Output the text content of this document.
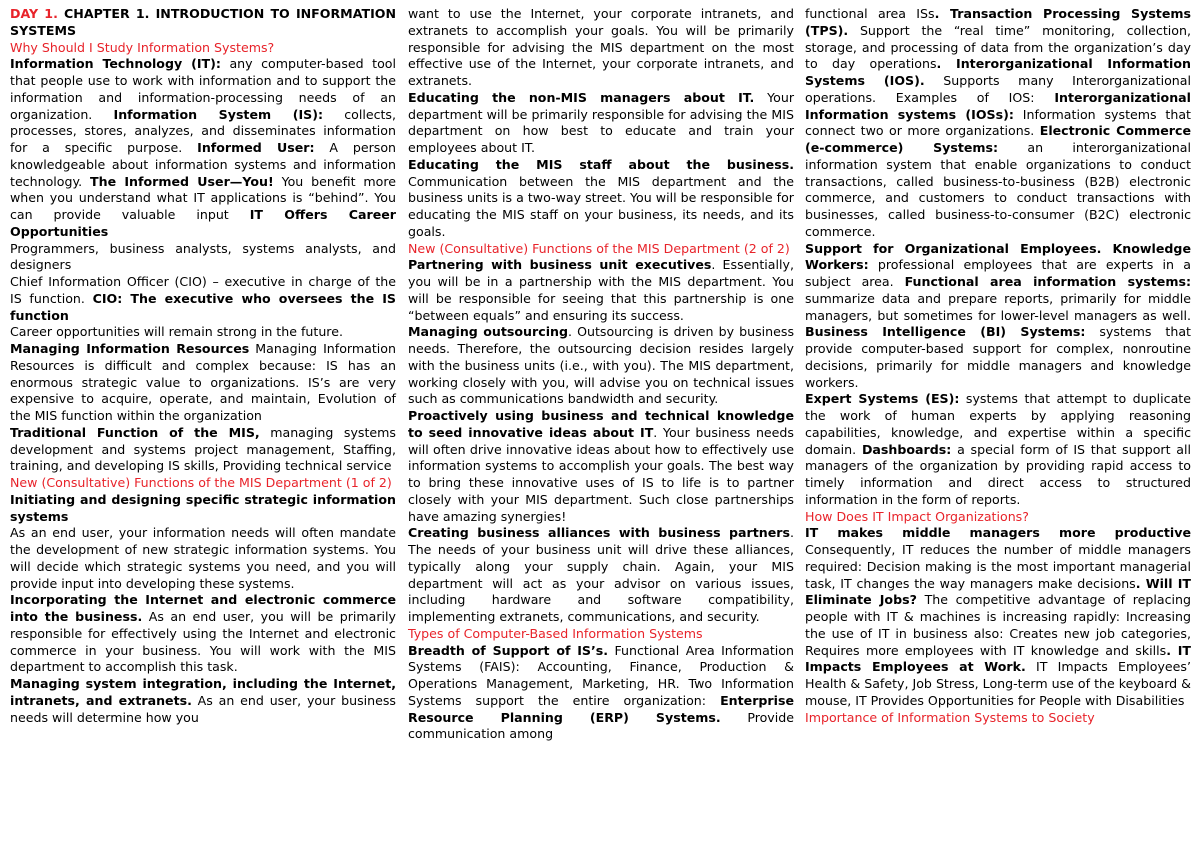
DAY 1. CHAPTER 1. INTRODUCTION TO INFORMATION SYSTEMS

Why Should I Study Information Systems?

Information Technology (IT): any computer-based tool that people use to work with information and to support the information and information-processing needs of an organization. Information System (IS): collects, processes, stores, analyzes, and disseminates information for a specific purpose. Informed User: A person knowledgeable about information systems and information technology. The Informed User—You! You benefit more when you understand what IT applications is “behind”. You can provide valuable input IT Offers Career Opportunities

Programmers, business analysts, systems analysts, and designers

Chief Information Officer (CIO) – executive in charge of the IS function. CIO: The executive who oversees the IS function

Career opportunities will remain strong in the future.

Managing Information Resources Managing Information Resources is difficult and complex because: IS has an enormous strategic value to organizations. IS’s are very expensive to acquire, operate, and maintain, Evolution of the MIS function within the organization

Traditional Function of the MIS, managing systems development and systems project management, Staffing, training, and developing IS skills, Providing technical service

New (Consultative) Functions of the MIS Department (1 of 2)

Initiating and designing specific strategic information systems

As an end user, your information needs will often mandate the development of new strategic information systems. You will decide which strategic systems you need, and you will provide input into developing these systems.

Incorporating the Internet and electronic commerce into the business. As an end user, you will be primarily responsible for effectively using the Internet and electronic commerce in your business. You will work with the MIS department to accomplish this task.

Managing system integration, including the Internet, intranets, and extranets. As an end user, your business needs will determine how you

want to use the Internet, your corporate intranets, and extranets to accomplish your goals. You will be primarily responsible for advising the MIS department on the most effective use of the Internet, your corporate intranets, and extranets.

Educating the non-MIS managers about IT. Your department will be primarily responsible for advising the MIS department on how best to educate and train your employees about IT.

Educating the MIS staff about the business. Communication between the MIS department and the business units is a two-way street. You will be responsible for educating the MIS staff on your business, its needs, and its goals.

New (Consultative) Functions of the MIS Department (2 of 2)

Partnering with business unit executives. Essentially, you will be in a partnership with the MIS department. You will be responsible for seeing that this partnership is one “between equals” and ensuring its success.

Managing outsourcing. Outsourcing is driven by business needs. Therefore, the outsourcing decision resides largely with the business units (i.e., with you). The MIS department, working closely with you, will advise you on technical issues such as communications bandwidth and security.

Proactively using business and technical knowledge to seed innovative ideas about IT. Your business needs will often drive innovative ideas about how to effectively use information systems to accomplish your goals. The best way to bring these innovative uses of IS to life is to partner closely with your MIS department. Such close partnerships have amazing synergies!

Creating business alliances with business partners. The needs of your business unit will drive these alliances, typically along your supply chain. Again, your MIS department will act as your advisor on various issues, including hardware and software compatibility, implementing extranets, communications, and security.

Types of Computer-Based Information Systems

Breadth of Support of IS’s. Functional Area Information Systems (FAIS): Accounting, Finance, Production & Operations Management, Marketing, HR. Two Information Systems support the entire organization: Enterprise Resource Planning (ERP) Systems. Provide communication among

functional area ISs. Transaction Processing Systems (TPS). Support the “real time” monitoring, collection, storage, and processing of data from the organization’s day to day operations. Interorganizational Information Systems (IOS). Supports many Interorganizational operations. Examples of IOS: Interorganizational Information systems (IOSs): Information systems that connect two or more organizations. Electronic Commerce (e-commerce) Systems: an interorganizational information system that enable organizations to conduct transactions, called business-to-business (B2B) electronic commerce, and customers to conduct transactions with businesses, called business-to-consumer (B2C) electronic commerce.

Support for Organizational Employees. Knowledge Workers: professional employees that are experts in a subject area. Functional area information systems: summarize data and prepare reports, primarily for middle managers, but sometimes for lower-level managers as well. Business Intelligence (BI) Systems: systems that provide computer-based support for complex, nonroutine decisions, primarily for middle managers and knowledge workers.

Expert Systems (ES): systems that attempt to duplicate the work of human experts by applying reasoning capabilities, knowledge, and expertise within a specific domain. Dashboards: a special form of IS that support all managers of the organization by providing rapid access to timely information and direct access to structured information in the form of reports.

How Does IT Impact Organizations?

IT makes middle managers more productive Consequently, IT reduces the number of middle managers required: Decision making is the most important managerial task, IT changes the way managers make decisions. Will IT Eliminate Jobs? The competitive advantage of replacing people with IT & machines is increasing rapidly: Increasing the use of IT in business also: Creates new job categories, Requires more employees with IT knowledge and skills. IT Impacts Employees at Work. IT Impacts Employees’ Health & Safety, Job Stress, Long-term use of the keyboard & mouse, IT Provides Opportunities for People with Disabilities

Importance of Information Systems to Society
